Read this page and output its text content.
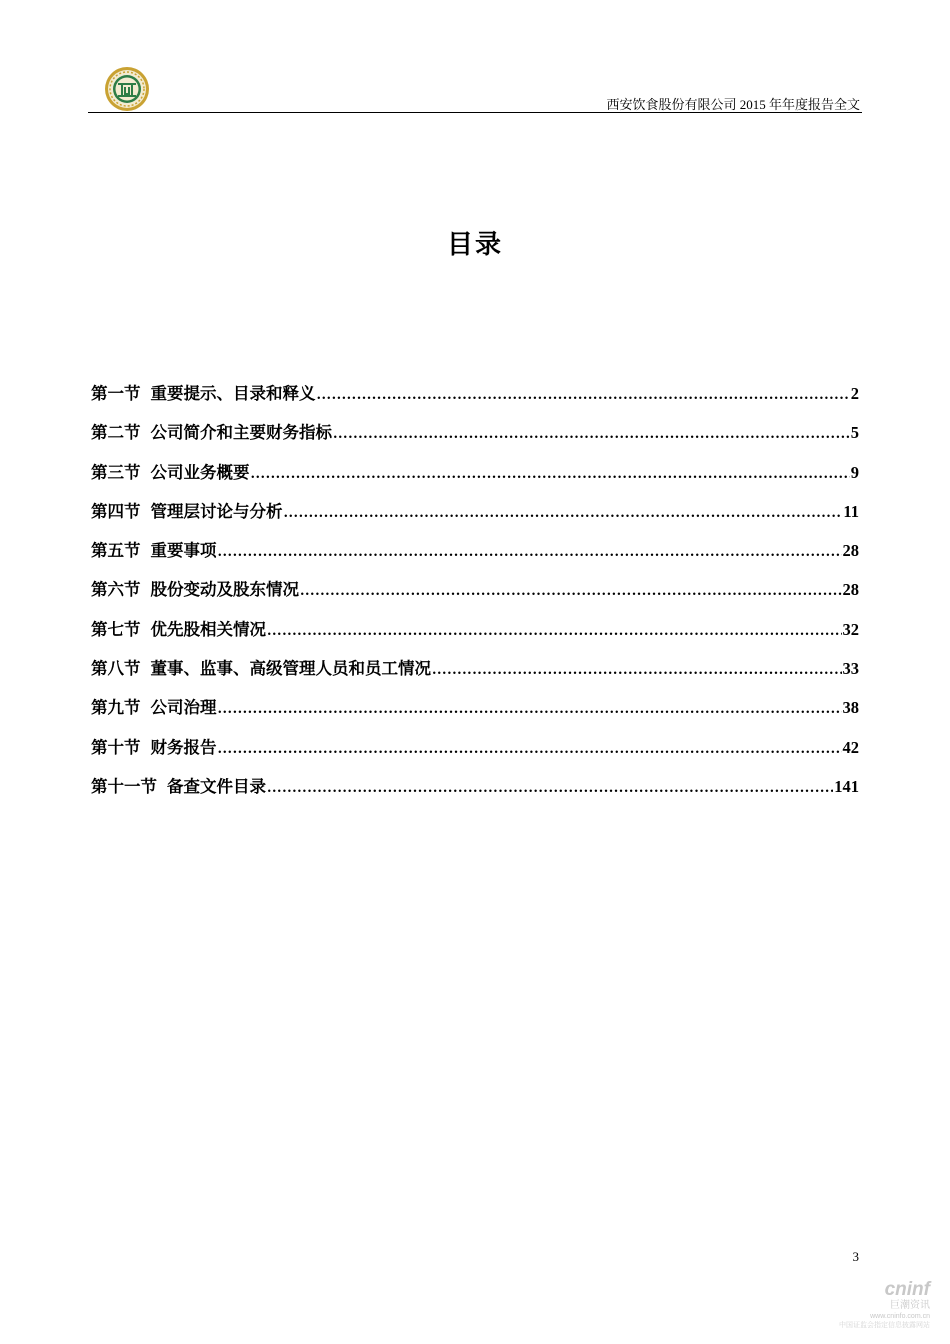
西安饮食股份有限公司 2015 年年度报告全文
目录
第一节 重要提示、目录和释义 .....	2
第二节 公司简介和主要财务指标 .....	5
第三节 公司业务概要 .....	9
第四节 管理层讨论与分析 .....	11
第五节 重要事项 .....	28
第六节 股份变动及股东情况 .....	28
第七节 优先股相关情况 .....	32
第八节 董事、监事、高级管理人员和员工情况 .....	33
第九节 公司治理 .....	38
第十节 财务报告 .....	42
第十一节 备查文件目录 .....	141
3
cninf
巨潮资讯
www.cninfo.com.cn
中国证监会指定信息披露网站
